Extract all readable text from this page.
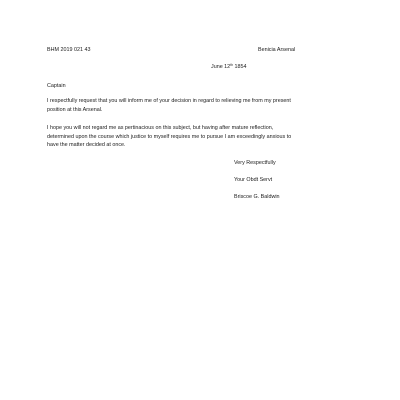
BHM 2019 021 43	Benicia Arsenal

June 12th 1854

Captain

I respectfully request that you will inform me of your decision in regard to relieving me from my present
position at this Arsenal.
I hope you will not regard me as pertinacious on this subject, but having after mature reflection,
determined upon the course which justice to myself requires me to pursue I am exceedingly anxious to
have the matter decided at once.

Very Respectfully

Your Obdt Servt

Briscoe G. Baldwin
